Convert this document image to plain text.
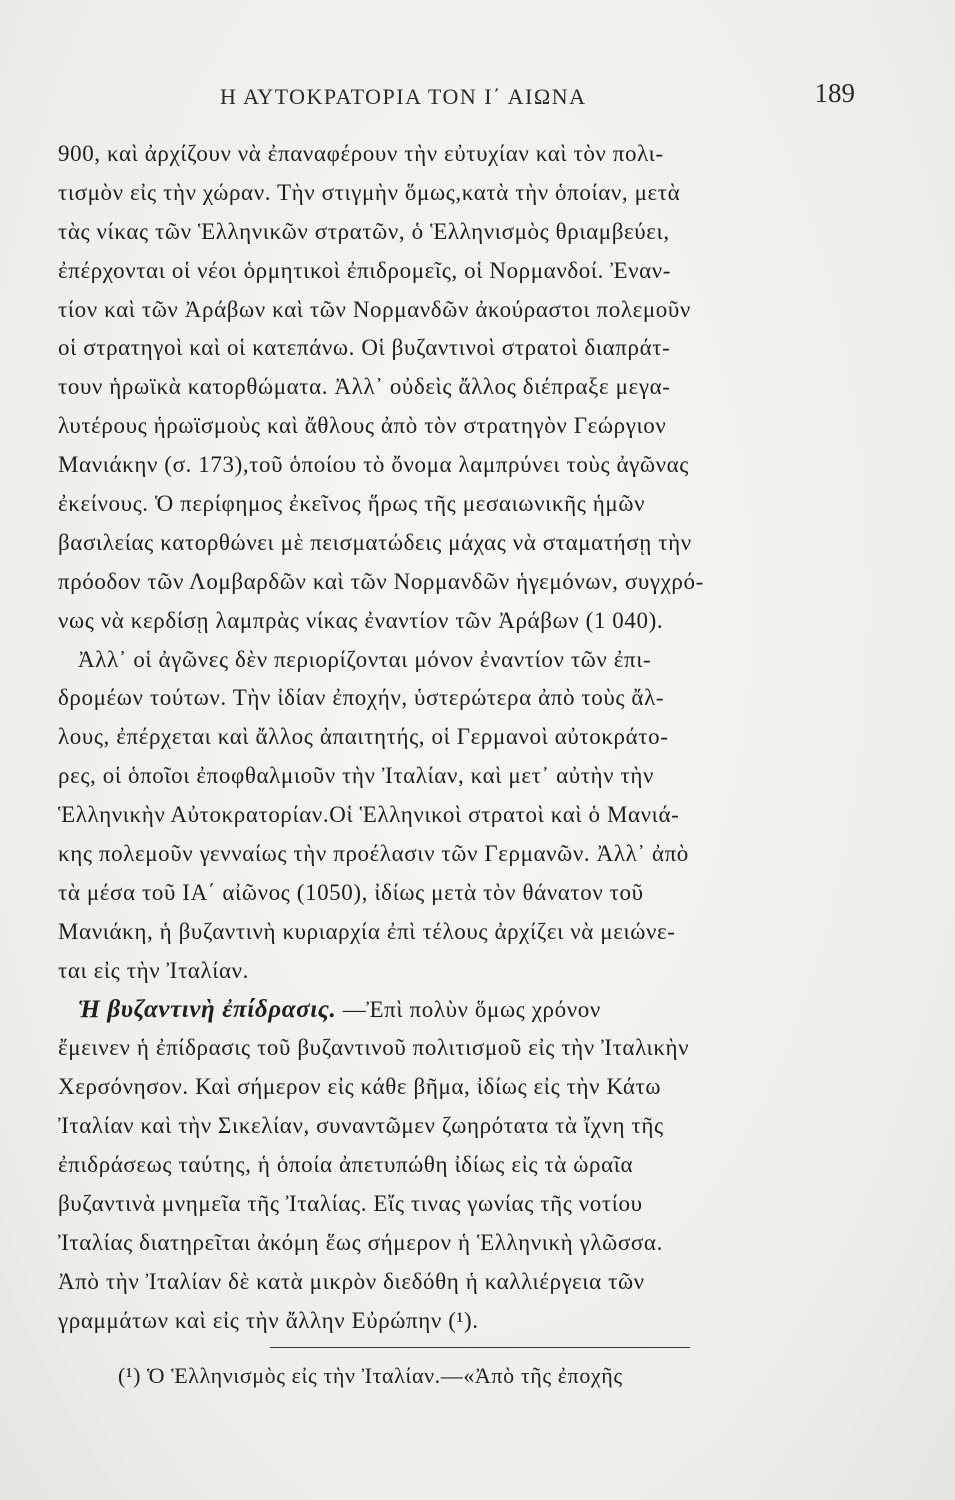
Η ΑΥΤΟΚΡΑΤΟΡΙΑ ΤΟΝ Ι΄ ΑΙΩΝΑ	189
900, καὶ ἀρχίζουν νὰ ἐπαναφέρουν τὴν εὐτυχίαν καὶ τὸν πολι-
τισμὸν εἰς τὴν χώραν. Τὴν στιγμὴν ὅμως,κατὰ τὴν ὁποίαν, μετὰ
τὰς νίκας τῶν Ἑλληνικῶν στρατῶν, ὁ Ἑλληνισμὸς θριαμβεύει,
ἐπέρχονται οἱ νέοι ὁρμητικοὶ ἐπιδρομεῖς, οἱ Νορμανδοί. Ἐναν-
τίον καὶ τῶν Ἀράβων καὶ τῶν Νορμανδῶν ἀκούραστοι πολεμοῦν
οἱ στρατηγοὶ καὶ οἱ κατεπάνω. Οἱ βυζαντινοὶ στρατοὶ διαπράτ-
τουν ἡρωϊκὰ κατορθώματα. Ἀλλ᾽ οὐδεὶς ἄλλος διέπραξε μεγα-
λυτέρους ἡρωϊσμοὺς καὶ ἄθλους ἀπὸ τὸν στρατηγὸν Γεώργιον
Μανιάκην (σ. 173),τοῦ ὁποίου τὸ ὄνομα λαμπρύνει τοὺς ἀγῶνας
ἐκείνους. Ὁ περίφημος ἐκεῖνος ἥρως τῆς μεσαιωνικῆς ἡμῶν
βασιλείας κατορθώνει μὲ πεισματώδεις μάχας νὰ σταματήσῃ τὴν
πρόοδον τῶν Λομβαρδῶν καὶ τῶν Νορμανδῶν ἡγεμόνων, συγχρό-
νως νὰ κερδίσῃ λαμπρὰς νίκας ἐναντίον τῶν Ἀράβων (1 040).
Ἀλλ᾽ οἱ ἀγῶνες δὲν περιορίζονται μόνον ἐναντίον τῶν ἐπι-
δρομέων τούτων. Τὴν ἰδίαν ἐποχήν, ὑστερώτερα ἀπὸ τοὺς ἄλ-
λους, ἐπέρχεται καὶ ἄλλος ἀπαιτητής, οἱ Γερμανοὶ αὐτοκράτο-
ρες, οἱ ὁποῖοι ἐποφθαλμιοῦν τὴν Ἰταλίαν, καὶ μετ᾽ αὐτὴν τὴν
Ἑλληνικὴν Αὐτοκρατορίαν.Οἱ Ἑλληνικοὶ στρατοὶ καὶ ὁ Μανιά-
κης πολεμοῦν γενναίως τὴν προέλασιν τῶν Γερμανῶν. Ἀλλ᾽ ἀπὸ
τὰ μέσα τοῦ ΙΑ΄ αἰῶνος (1050), ἰδίως μετὰ τὸν θάνατον τοῦ
Μανιάκη, ἡ βυζαντινὴ κυριαρχία ἐπὶ τέλους ἀρχίζει νὰ μειώνε-
ται εἰς τὴν Ἰταλίαν.
Ἡ βυζαντινὴ ἐπίδρασις. —Ἐπὶ πολὺν ὅμως χρόνον
ἔμεινεν ἡ ἐπίδρασις τοῦ βυζαντινοῦ πολιτισμοῦ εἰς τὴν Ἰταλικὴν
Χερσόνησον. Καὶ σήμερον εἰς κάθε βῆμα, ἰδίως εἰς τὴν Κάτω
Ἰταλίαν καὶ τὴν Σικελίαν, συναντῶμεν ζωηρότατα τὰ ἴχνη τῆς
ἐπιδράσεως ταύτης, ἡ ὁποία ἀπετυπώθη ἰδίως εἰς τὰ ὡραῖα
βυζαντινὰ μνημεῖα τῆς Ἰταλίας. Εἴς τινας γωνίας τῆς νοτίου
Ἰταλίας διατηρεῖται ἀκόμη ἕως σήμερον ἡ Ἑλληνικὴ γλῶσσα.
Ἀπὸ τὴν Ἰταλίαν δὲ κατὰ μικρὸν διεδόθη ἡ καλλιέργεια τῶν
γραμμάτων καὶ εἰς τὴν ἄλλην Εὐρώπην (¹).
(¹) Ὁ Ἑλληνισμὸς εἰς τὴν Ἰταλίαν.—«Ἀπὸ τῆς ἐποχῆς
